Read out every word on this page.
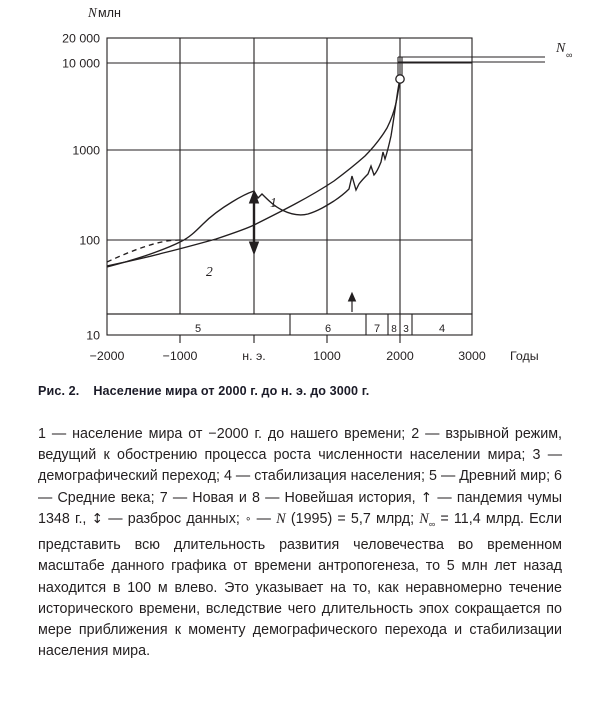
N млн
5	6	7 8 3	4
20 000
10 000
1000
100
10
−2000	−1000	н. э.	1000	2000	3000 Годы
N ∞
1
2
Рис. 2. Население мира от 2000 г. до н. э. до 3000 г.

1 — население мира от −2000 г. до нашего времени; 2 — взрывной режим, ведущий к обострению процесса роста численности населении мира; 3 — демографический переход; 4 — стабилизация населения; 5 — Древний мир; 6 — Средние века; 7 — Новая и 8 — Новейшая история, ↑ — пандемия чумы 1348 г., ↕ — разброс данных; ∘ — N (1995) = 5,7 млрд; $N_\infty = 11,4$ млрд. Если представить всю длительность развития человечества во временном масштабе данного графика от времени антропогенеза, то 5 млн лет назад находится в 100 м влево. Это указывает на то, как неравномерно течение исторического времени, вследствие чего длительность эпох сокращается по мере приближения к моменту демографического перехода и стабилизации населения мира.
